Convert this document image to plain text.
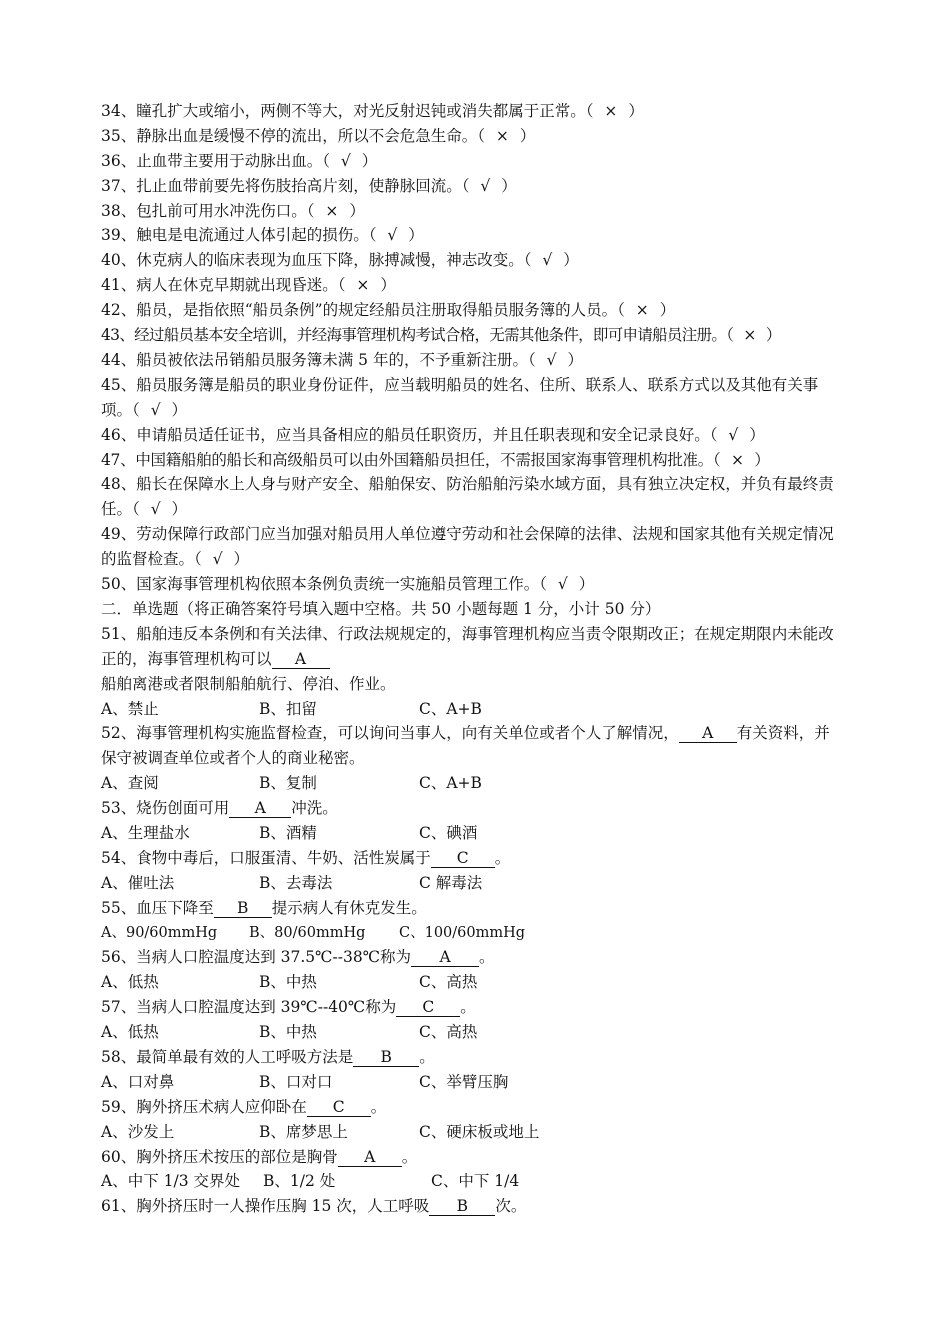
34、瞳孔扩大或缩小，两侧不等大，对光反射迟钝或消失都属于正常。（ × ）
35、静脉出血是缓慢不停的流出，所以不会危急生命。（ × ）
36、止血带主要用于动脉出血。（ √ ）
37、扎止血带前要先将伤肢抬高片刻，使静脉回流。（ √ ）
38、包扎前可用水冲洗伤口。（ × ）
39、触电是电流通过人体引起的损伤。（ √ ）
40、休克病人的临床表现为血压下降，脉搏减慢，神志改变。（ √ ）
41、病人在休克早期就出现昏迷。（ × ）
42、船员，是指依照“船员条例”的规定经船员注册取得船员服务簿的人员。（ × ）
43、经过船员基本安全培训，并经海事管理机构考试合格，无需其他条件，即可申请船员注册。（ × ）
44、船员被依法吊销船员服务簿未满 5 年的，不予重新注册。（ √ ）
45、船员服务簿是船员的职业身份证件，应当载明船员的姓名、住所、联系人、联系方式以及其他有关事项。（ √ ）
46、申请船员适任证书，应当具备相应的船员任职资历，并且任职表现和安全记录良好。（ √ ）
47、中国籍船舶的船长和高级船员可以由外国籍船员担任，不需报国家海事管理机构批准。（ × ）
48、船长在保障水上人身与财产安全、船舶保安、防治船舶污染水域方面，具有独立决定权，并负有最终责任。（ √ ）
49、劳动保障行政部门应当加强对船员用人单位遵守劳动和社会保障的法律、法规和国家其他有关规定情况的监督检查。（ √ ）
50、国家海事管理机构依照本条例负责统一实施船员管理工作。（ √ ）
二．单选题（将正确答案符号填入题中空格。共 50 小题每题 1 分，小计 50 分）
51、船舶违反本条例和有关法律、行政法规规定的，海事管理机构应当责令限期改正；在规定期限内未能改正的，海事管理机构可以 A
船舶离港或者限制船舶航行、停泊、作业。
A、禁止	B、扣留	C、A+B
52、海事管理机构实施监督检查，可以询问当事人，向有关单位或者个人了解情况， A 有关资料，并保守被调查单位或者个人的商业秘密。
A、查阅	B、复制	C、A+B
53、烧伤创面可用 A 冲洗。
A、生理盐水	B、酒精	C、碘酒
54、食物中毒后，口服蛋清、牛奶、活性炭属于 C 。
A、催吐法	B、去毒法	C 解毒法
55、血压下降至 B 提示病人有休克发生。
A、90/60mmHg	B、80/60mmHg	C、100/60mmHg
56、当病人口腔温度达到 37.5℃--38℃称为 A 。
A、低热	B、中热	C、高热
57、当病人口腔温度达到 39℃--40℃称为 C 。
A、低热	B、中热	C、高热
58、最简单最有效的人工呼吸方法是 B 。
A、口对鼻	B、口对口	C、举臂压胸
59、胸外挤压术病人应仰卧在 C 。
A、沙发上	B、席梦思上	C、硬床板或地上
60、胸外挤压术按压的部位是胸骨 A 。
A、中下 1/3 交界处	B、1/2 处	C、中下 1/4
61、胸外挤压时一人操作压胸 15 次，人工呼吸 B 次。
